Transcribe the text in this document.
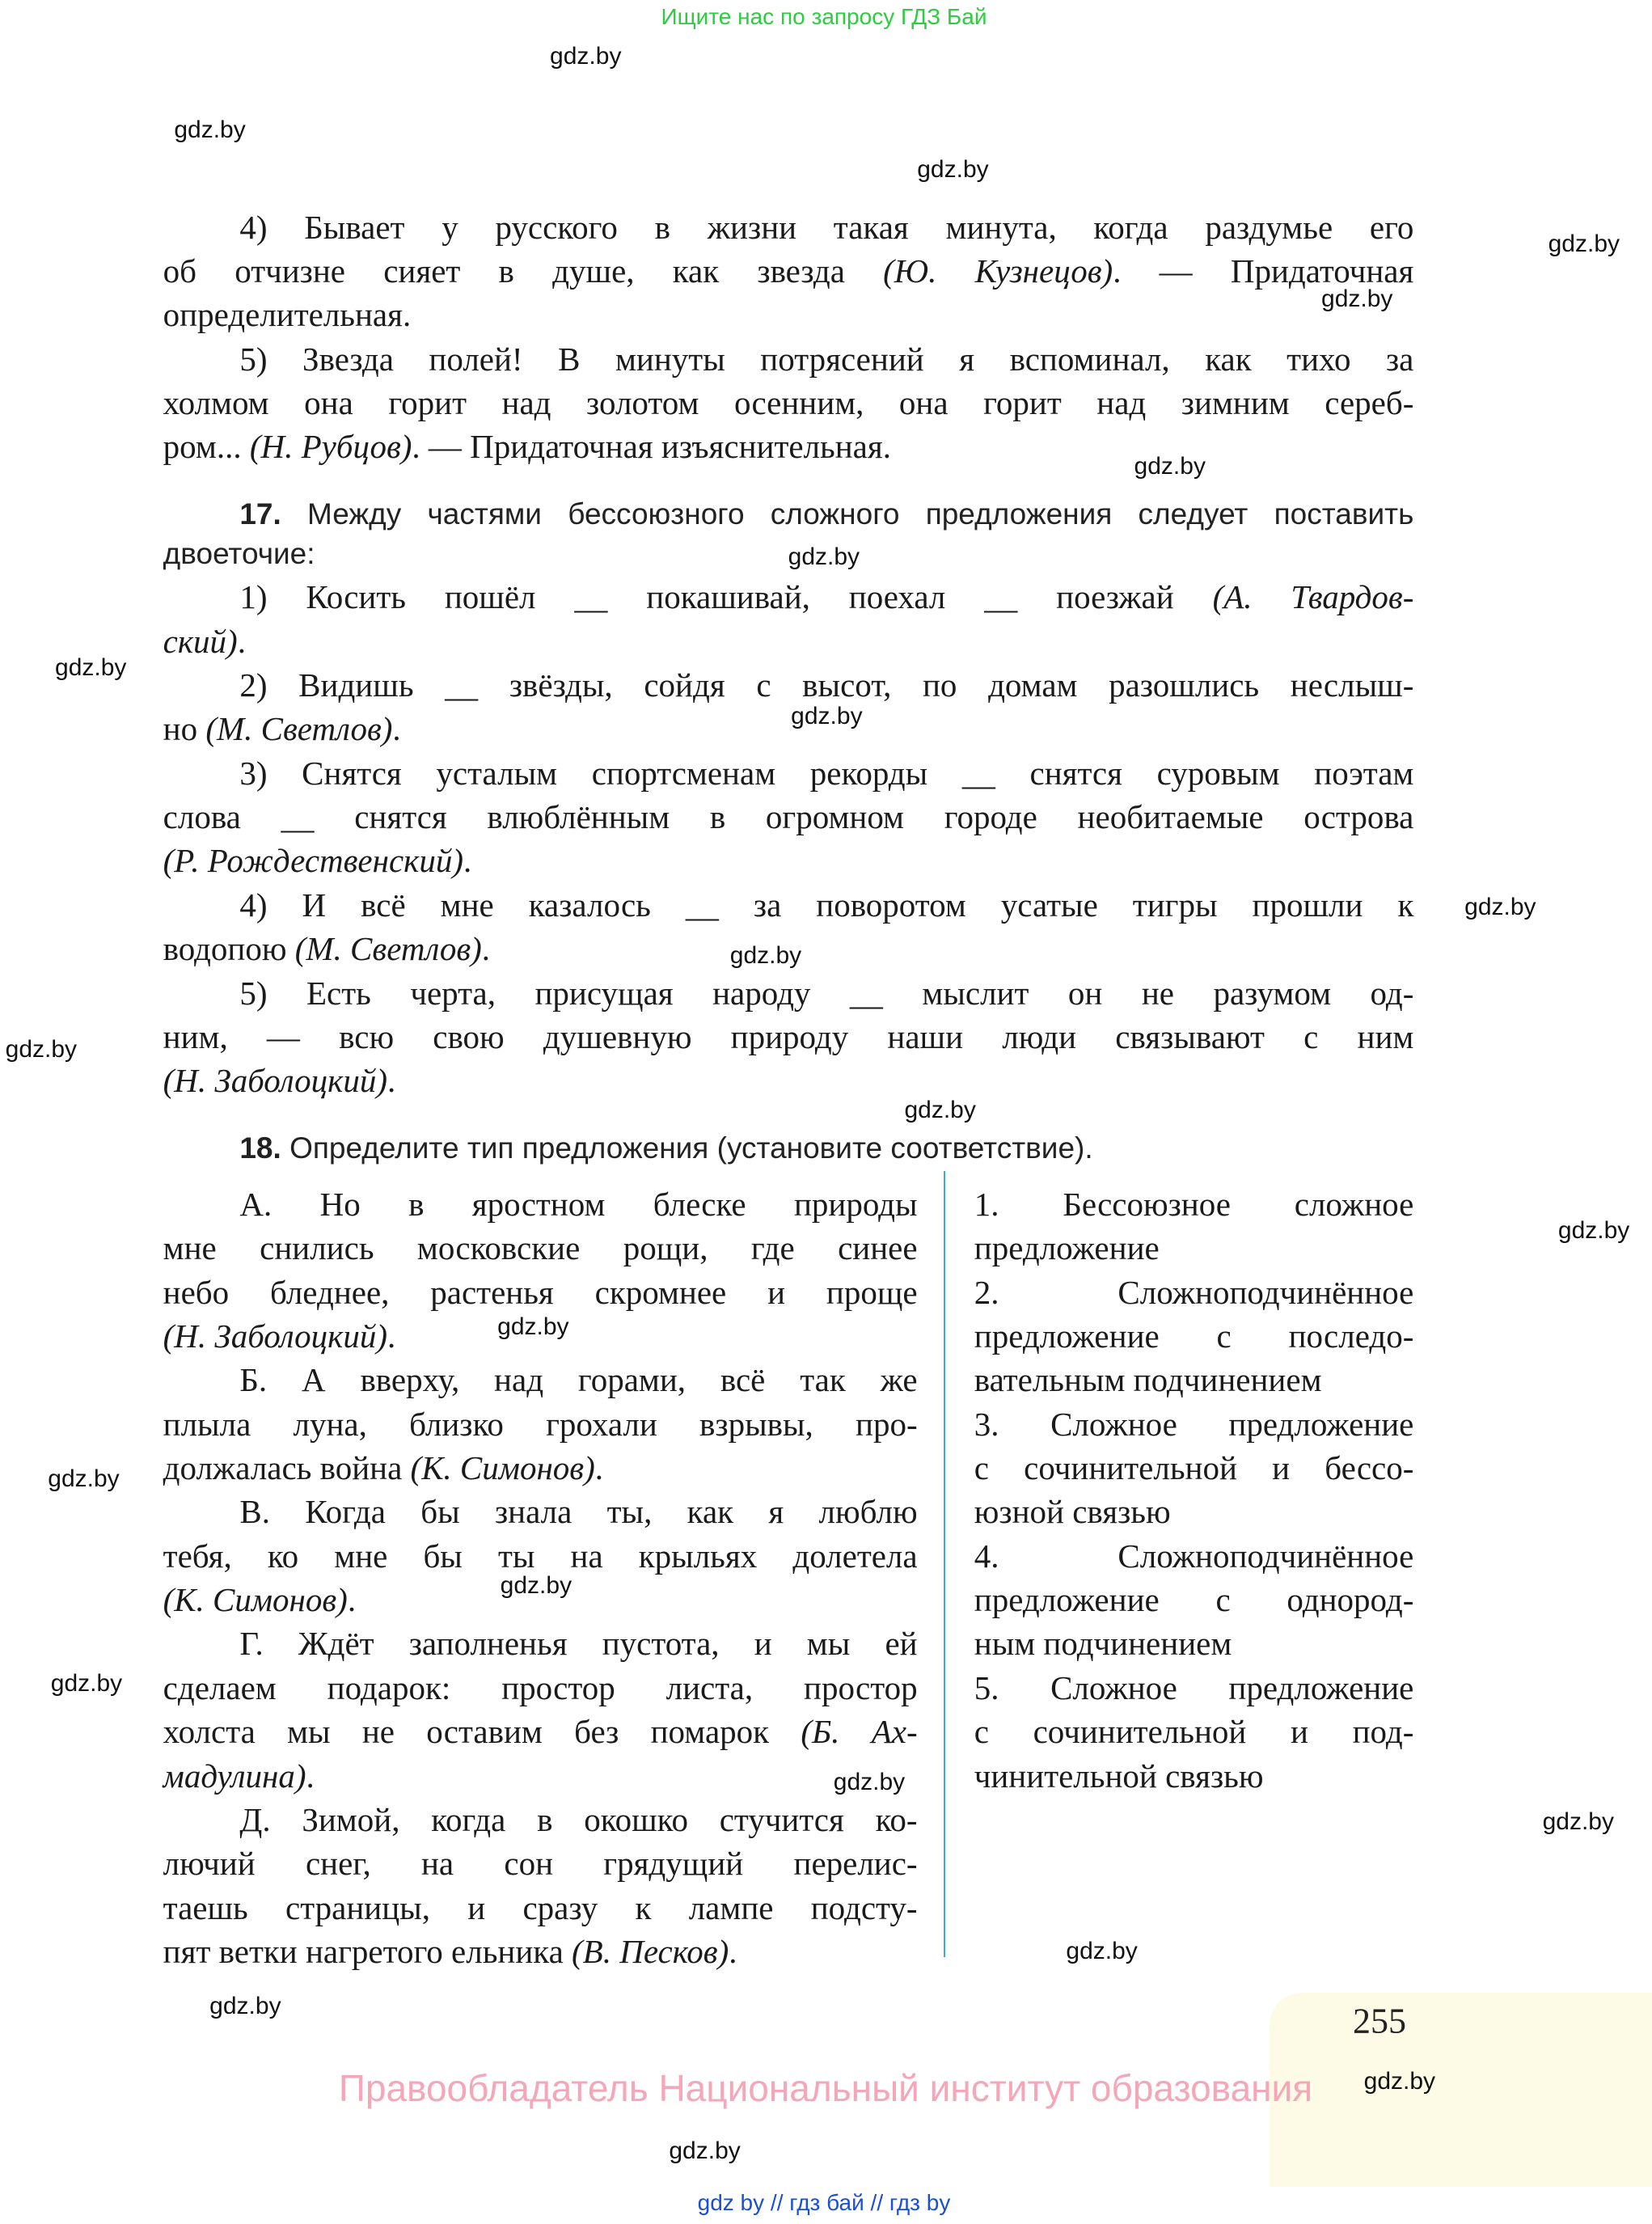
Ищите нас по запросу ГДЗ Бай
4) Бывает у русского в жизни такая минута, когда раздумье его
об отчизне сияет в душе, как звезда (Ю. Кузнецов). — Придаточная
определительная.
5) Звезда полей! В минуты потрясений я вспоминал, как тихо за
холмом она горит над золотом осенним, она горит над зимним сереб-
ром... (Н. Рубцов). — Придаточная изъяснительная.
17. Между частями бессоюзного сложного предложения следует поставить
двоеточие:
1) Косить пошёл __ покашивай, поехал __ поезжай (А. Твардов-
ский).
2) Видишь __ звёзды, сойдя с высот, по домам разошлись неслыш-
но (М. Светлов).
3) Снятся усталым спортсменам рекорды __ снятся суровым поэтам
слова __ снятся влюблённым в огромном городе необитаемые острова
(Р. Рождественский).
4) И всё мне казалось __ за поворотом усатые тигры прошли к
водопою (М. Светлов).
5) Есть черта, присущая народу __ мыслит он не разумом од-
ним, — всю свою душевную природу наши люди связывают с ним
(Н. Заболоцкий).
18. Определите тип предложения (установите соответствие).
А. Но в яростном блеске природы
мне снились московские рощи, где синее
небо бледнее, растенья скромнее и проще
(Н. Заболоцкий).
Б. А вверху, над горами, всё так же
плыла луна, близко грохали взрывы, про-
должалась война (К. Симонов).
В. Когда бы знала ты, как я люблю
тебя, ко мне бы ты на крыльях долетела
(К. Симонов).
Г. Ждёт заполненья пустота, и мы ей
сделаем подарок: простор листа, простор
холста мы не оставим без помарок (Б. Ах-
мадулина).
Д. Зимой, когда в окошко стучится ко-
лючий снег, на сон грядущий перелис-
таешь страницы, и сразу к лампе подсту-
пят ветки нагретого ельника (В. Песков).
1. Бессоюзное сложное
предложение
2. Сложноподчинённое
предложение с последо-
вательным подчинением
3. Сложное предложение
с сочинительной и бессо-
юзной связью
4. Сложноподчинённое
предложение с однород-
ным подчинением
5. Сложное предложение
с сочинительной и под-
чинительной связью
255
Правообладатель Национальный институт образования
gdz.by
gdz.by
gdz.by
gdz.by
gdz.by
gdz.by
gdz.by
gdz.by
gdz.by
gdz.by
gdz.by
gdz.by
gdz.by
gdz.by
gdz.by
gdz.by
gdz.by
gdz.by
gdz.by
gdz.by
gdz.by
gdz.by
gdz.by
gdz.by
gdz by // гдз бай // гдз by
